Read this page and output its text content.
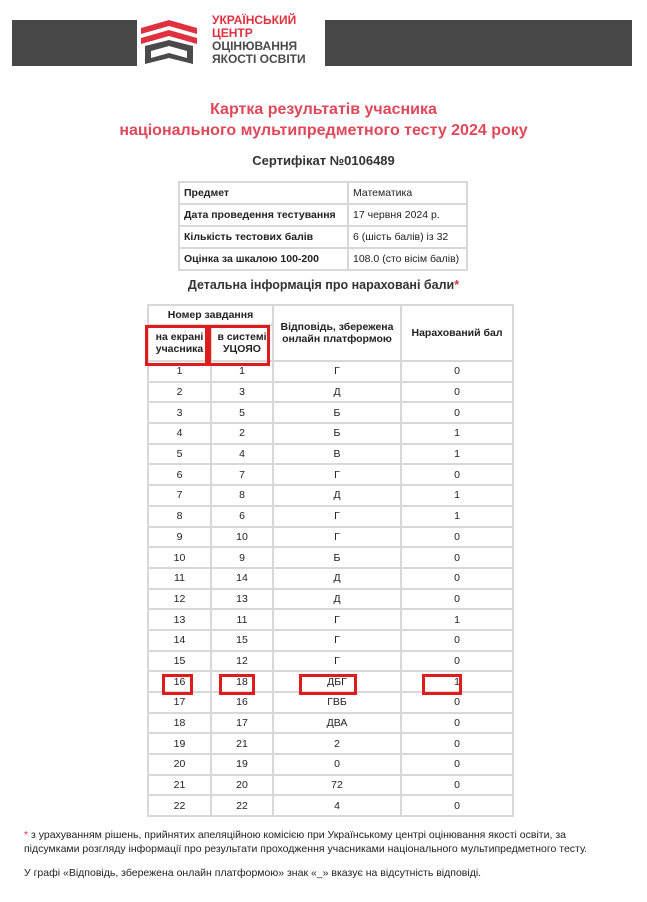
УКРАЇНСЬКИЙ
ЦЕНТР
ОЦІНЮВАННЯ
ЯКОСТІ ОСВІТИ
Картка результатів учасника
національного мультипредметного тесту 2024 року
Сертифікат №0106489
Предмет	Математика
Дата проведення тестування	17 червня 2024 р.
Кількість тестових балів	6 (шість балів) із 32
Оцінка за шкалою 100-200	108.0 (сто вісім балів)
Детальна інформація про нараховані бали*
Номер завдання		Відповідь, збережена онлайн платформою	Нарахований бал
на екрані учасника	в системі УЦОЯО		
1	1	Г	0
2	3	Д	0
3	5	Б	0
4	2	Б	1
5	4	В	1
6	7	Г	0
7	8	Д	1
8	6	Г	1
9	10	Г	0
10	9	Б	0
11	14	Д	0
12	13	Д	0
13	11	Г	1
14	15	Г	0
15	12	Г	0
16	18	ДБГ	1
17	16	ГВБ	0
18	17	ДВА	0
19	21	2	0
20	19	0	0
21	20	72	0
22	22	4	0
* з урахуванням рішень, прийнятих апеляційною комісією при Українському центрі оцінювання якості освіти, за підсумками розгляду інформації про результати проходження учасниками національного мультипредметного тесту.
У графі «Відповідь, збережена онлайн платформою» знак «_» вказує на відсутність відповіді.
